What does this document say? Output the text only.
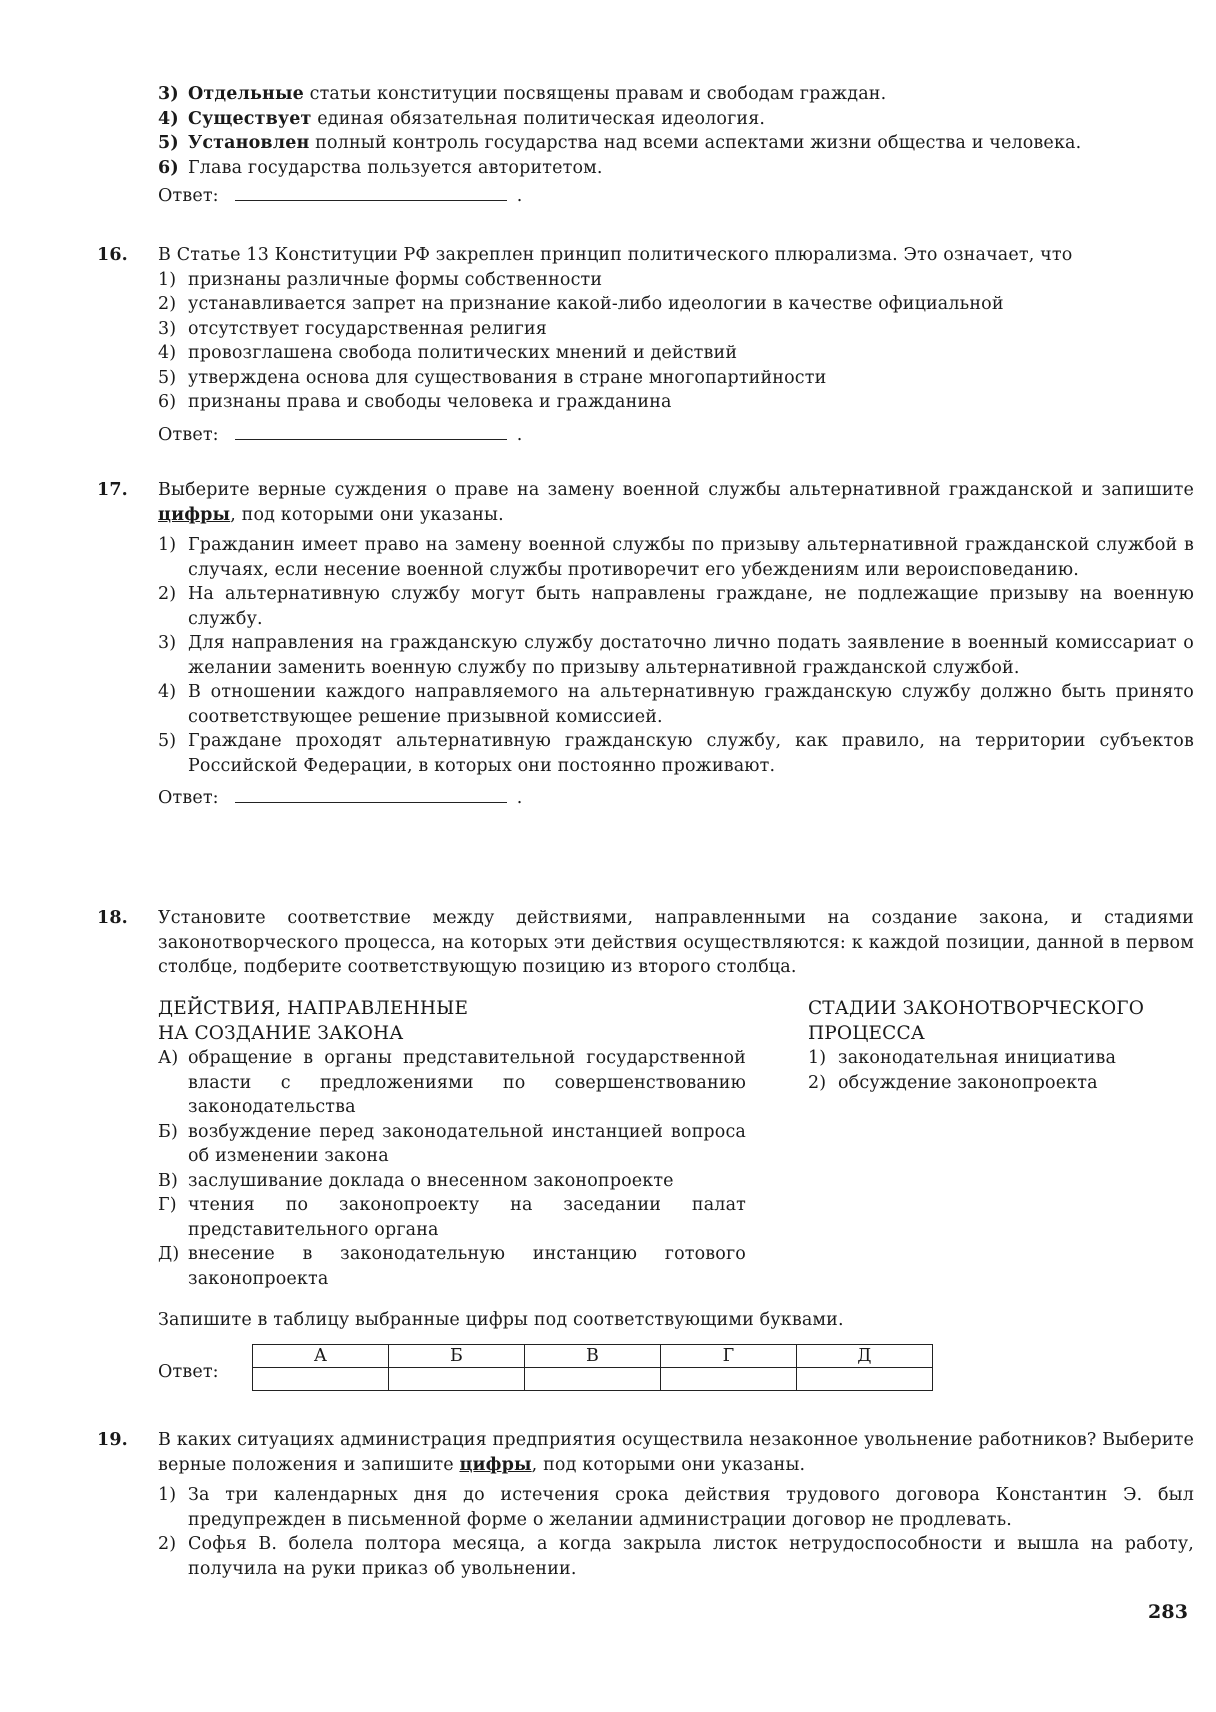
3) Отдельные статьи конституции посвящены правам и свободам граждан.
4) Существует единая обязательная политическая идеология.
5) Установлен полный контроль государства над всеми аспектами жизни общества и человека.
6) Глава государства пользуется авторитетом.
Ответ:	.
16. В Статье 13 Конституции РФ закреплен принцип политического плюрализма. Это означает, что
1) признаны различные формы собственности
2) устанавливается запрет на признание какой-либо идеологии в качестве официальной
3) отсутствует государственная религия
4) провозглашена свобода политических мнений и действий
5) утверждена основа для существования в стране многопартийности
6) признаны права и свободы человека и гражданина
Ответ:	.
17. Выберите верные суждения о праве на замену военной службы альтернативной гражданской и запишите цифры, под которыми они указаны.
1) Гражданин имеет право на замену военной службы по призыву альтернативной гражданской службой в случаях, если несение военной службы противоречит его убеждениям или вероисповеданию.
2) На альтернативную службу могут быть направлены граждане, не подлежащие призыву на военную службу.
3) Для направления на гражданскую службу достаточно лично подать заявление в военный комиссариат о желании заменить военную службу по призыву альтернативной гражданской службой.
4) В отношении каждого направляемого на альтернативную гражданскую службу должно быть принято соответствующее решение призывной комиссией.
5) Граждане проходят альтернативную гражданскую службу, как правило, на территории субъектов Российской Федерации, в которых они постоянно проживают.
Ответ:	.
18. Установите соответствие между действиями, направленными на создание закона, и стадиями законотворческого процесса, на которых эти действия осуществляются: к каждой позиции, данной в первом столбце, подберите соответствующую позицию из второго столбца.
ДЕЙСТВИЯ, НАПРАВЛЕННЫЕ
НА СОЗДАНИЕ ЗАКОНА
А) обращение в органы представительной государственной власти с предложениями по совершенствованию законодательства
Б) возбуждение перед законодательной инстанцией вопроса об изменении закона
В) заслушивание доклада о внесенном законопроекте
Г) чтения по законопроекту на заседании палат представительного органа
Д) внесение в законодательную инстанцию готового законопроекта
СТАДИИ ЗАКОНОТВОРЧЕСКОГО
ПРОЦЕССА
1) законодательная инициатива
2) обсуждение законопроекта
Запишите в таблицу выбранные цифры под соответствующими буквами.
Ответ:
А	Б	В	Г	Д

19. В каких ситуациях администрация предприятия осуществила незаконное увольнение работников? Выберите верные положения и запишите цифры, под которыми они указаны.
1) За три календарных дня до истечения срока действия трудового договора Константин Э. был предупрежден в письменной форме о желании администрации договор не продлевать.
2) Софья В. болела полтора месяца, а когда закрыла листок нетрудоспособности и вышла на работу, получила на руки приказ об увольнении.
283
